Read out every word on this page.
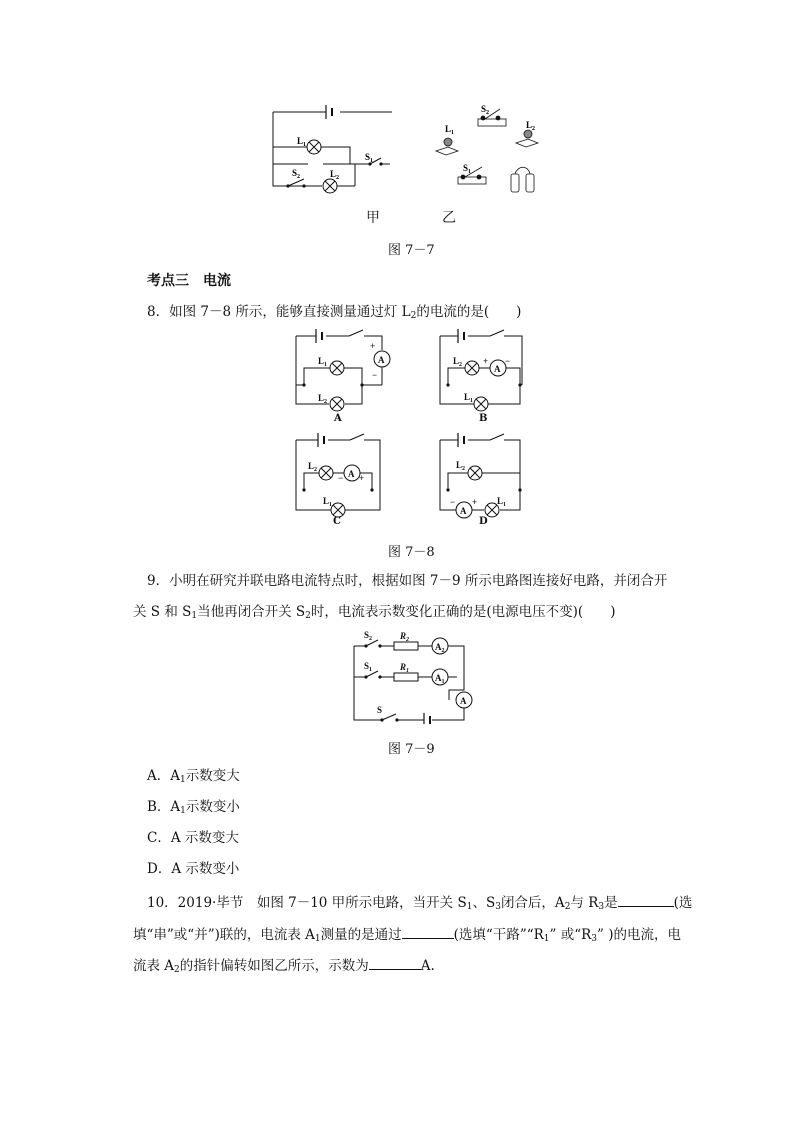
$L_1$
$L_2$
$S_1$
$S_2$
$S_2$
$L_1$
$L_2$
$S_1$
甲	乙
图 7－7
考点三　电流
8．如图 7－8 所示，能够直接测量通过灯 $L_2$的电流的是(　　)
A
A
A
A
$L_1$
$L_2$
$L_2$
$L_1$
$L_2$
$L_1$
$L_2$
$L_1$
+
−
+ −
− +
− +
A	B
C	D
图 7－8
9．小明在研究并联电路电流特点时，根据如图 7－9 所示电路图连接好电路，并闭合开
关 S 和 $S_1$当他再闭合开关 $S_2$时，电流表示数变化正确的是(电源电压不变)(　　)
$S_2$	$R_2$
$A_2$
$S_1$	$R_1$
$A_1$
A
S
图 7－9
A．$A_1$示数变大
B．$A_1$示数变小
C．A 示数变大
D．A 示数变小
10．2019·毕节　如图 7－10 甲所示电路，当开关 $S_1$、$S_3$闭合后，$A_2$与 $R_3$是	(选
填“串”或“并”)联的，电流表 $A_1$测量的是通过	(选填“干路$”“R_1$” 或“$R_3$” )的电流，电
流表 $A_2$的指针偏转如图乙所示，示数为	A.
